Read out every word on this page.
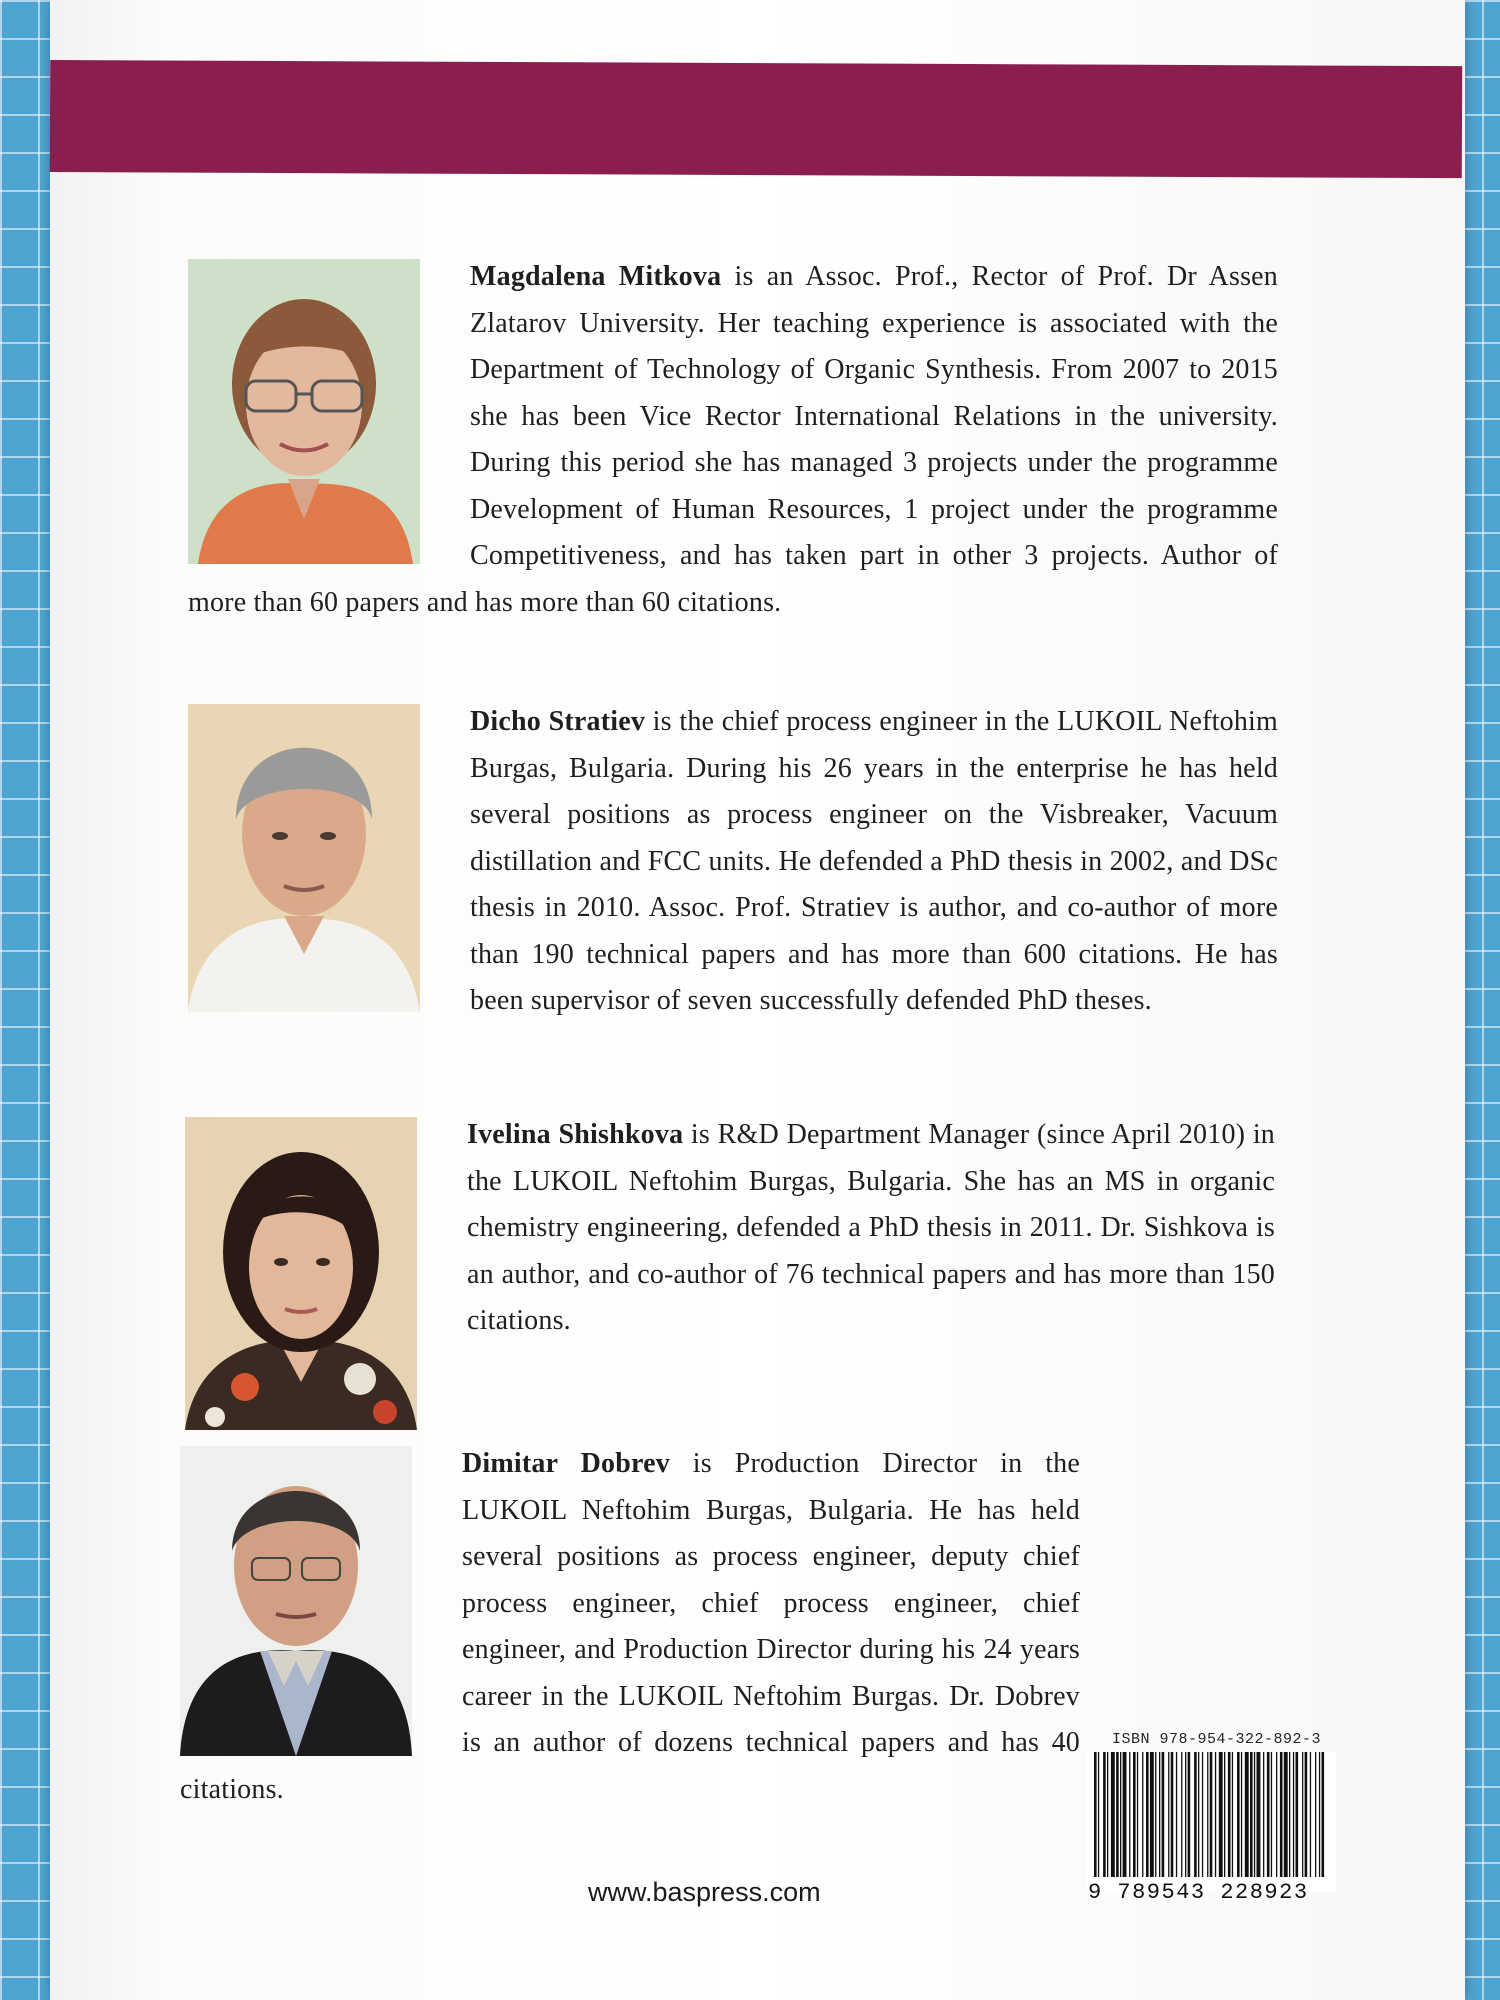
Magdalena Mitkova is an Assoc. Prof., Rector of Prof. Dr Assen Zlatarov University. Her teaching experience is associated with the Department of Technology of Organic Synthesis. From 2007 to 2015 she has been Vice Rector International Relations in the university. During this period she has managed 3 projects under the programme Development of Human Resources, 1 project under the programme Competitiveness, and has taken part in other 3 projects. Author of more than 60 papers and has more than 60 citations.
Dicho Stratiev is the chief process engineer in the LUKOIL Neftohim Burgas, Bulgaria. During his 26 years in the enterprise he has held several positions as process engineer on the Visbreaker, Vacuum distillation and FCC units. He defended a PhD thesis in 2002, and DSc thesis in 2010. Assoc. Prof. Stratiev is author, and co-author of more than 190 technical papers and has more than 600 citations. He has been supervisor of seven successfully defended PhD theses.
Ivelina Shishkova is R&D Department Manager (since April 2010) in the LUKOIL Neftohim Burgas, Bulgaria. She has an MS in organic chemistry engineering, defended a PhD thesis in 2011. Dr. Sishkova is an author, and co-author of 76 technical papers and has more than 150 citations.
Dimitar Dobrev is Production Director in the LUKOIL Neftohim Burgas, Bulgaria. He has held several positions as process engineer, deputy chief process engineer, chief process engineer, chief engineer, and Production Director during his 24 years career in the LUKOIL Neftohim Burgas. Dr. Dobrev is an author of dozens technical papers and has 40 citations.
www.baspress.com
ISBN 978-954-322-892-3
9 789543 228923
